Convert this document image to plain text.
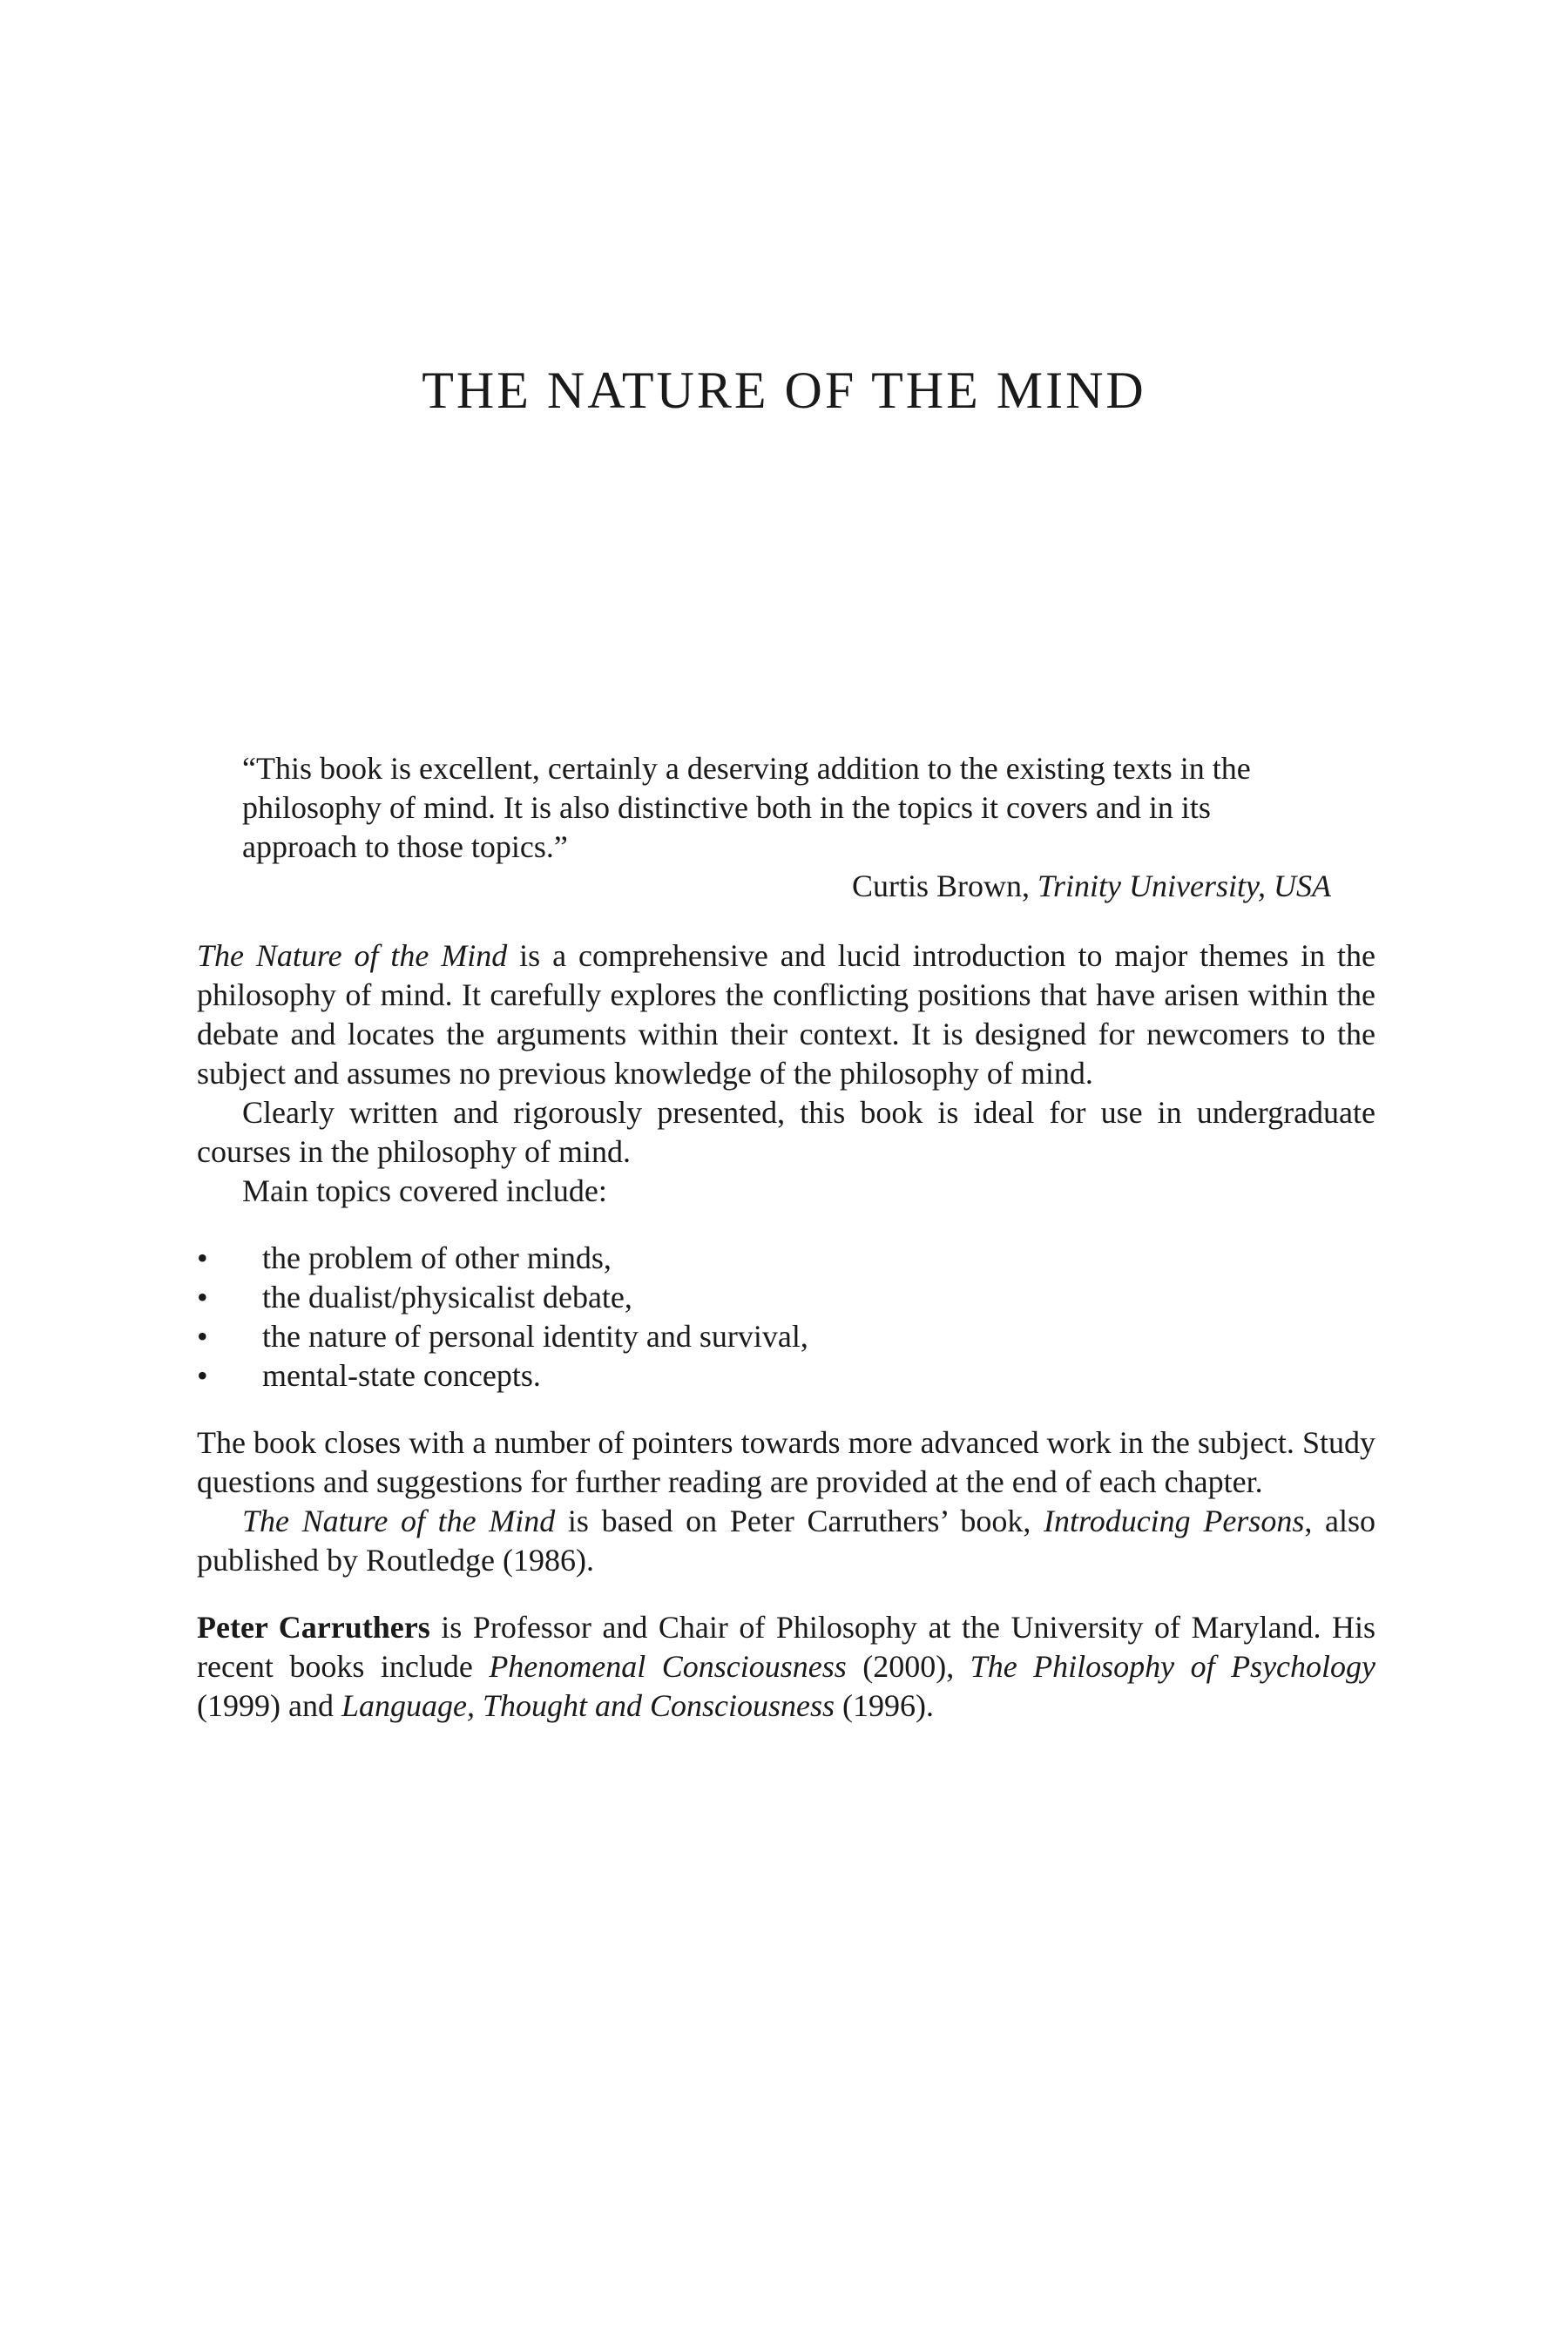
THE NATURE OF THE MIND

“This book is excellent, certainly a deserving addition to the existing texts in the philosophy of mind. It is also distinctive both in the topics it covers and in its approach to those topics.”

Curtis Brown, Trinity University, USA

The Nature of the Mind is a comprehensive and lucid introduction to major themes in the philosophy of mind. It carefully explores the conflicting positions that have arisen within the debate and locates the arguments within their context. It is designed for newcomers to the subject and assumes no previous knowledge of the philosophy of mind.

Clearly written and rigorously presented, this book is ideal for use in undergraduate courses in the philosophy of mind.

Main topics covered include:

• the problem of other minds,
• the dualist/physicalist debate,
• the nature of personal identity and survival,
• mental-state concepts.

The book closes with a number of pointers towards more advanced work in the subject. Study questions and suggestions for further reading are provided at the end of each chapter.

The Nature of the Mind is based on Peter Carruthers’ book, Introducing Persons, also published by Routledge (1986).

Peter Carruthers is Professor and Chair of Philosophy at the University of Maryland. His recent books include Phenomenal Consciousness (2000), The Philosophy of Psychology (1999) and Language, Thought and Consciousness (1996).
